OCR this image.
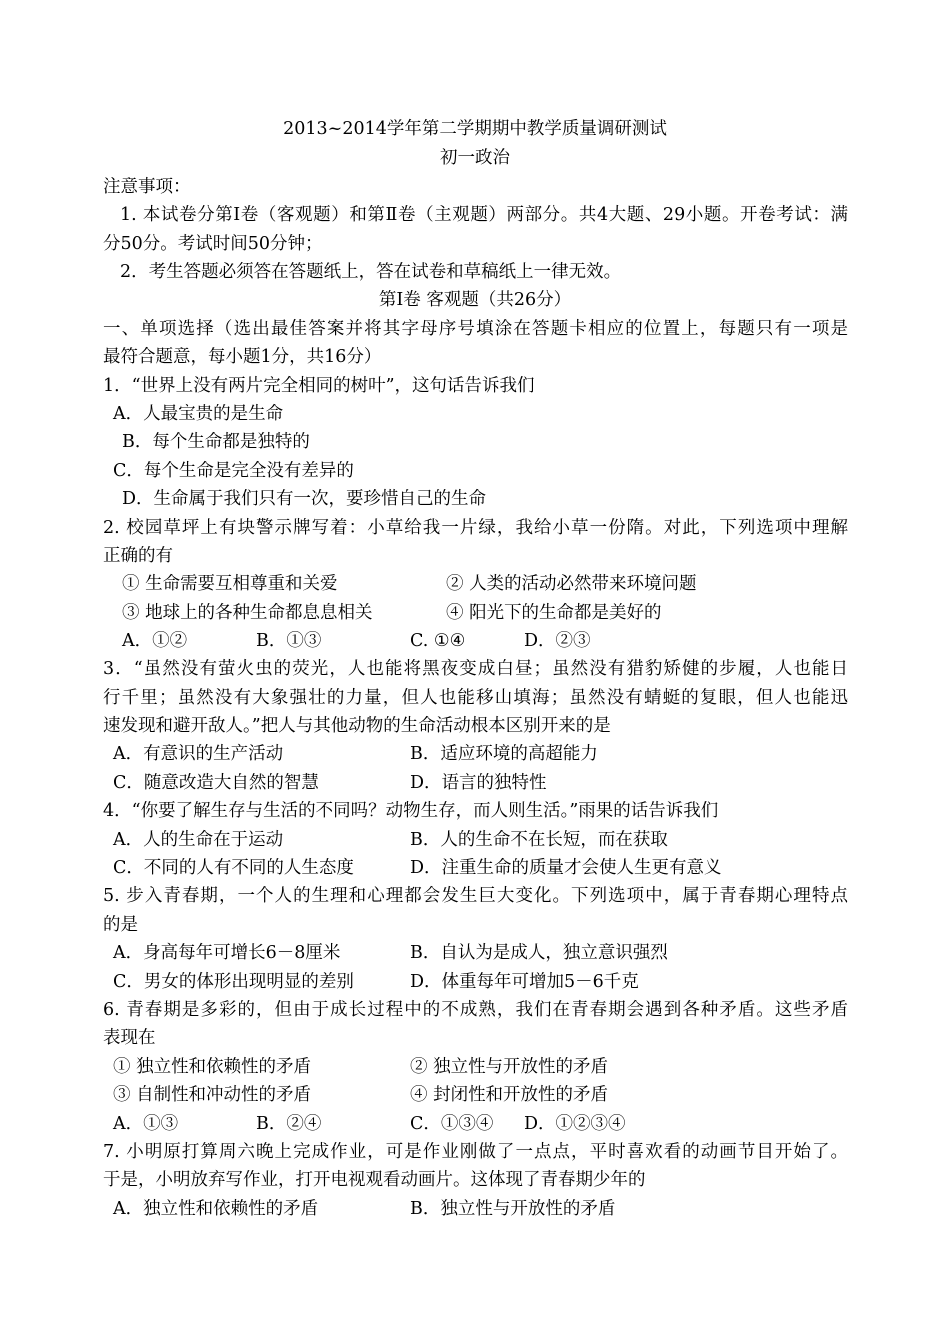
2013~2014学年第二学期期中教学质量调研测试
初一政治
注意事项：
1. 本试卷分第Ⅰ卷（客观题）和第Ⅱ卷（主观题）两部分。共4大题、29小题。开卷考试：满
分50分。考试时间50分钟；
2．考生答题必须答在答题纸上，答在试卷和草稿纸上一律无效。
第Ⅰ卷 客观题（共26分）
一、单项选择（选出最佳答案并将其字母序号填涂在答题卡相应的位置上，每题只有一项是
最符合题意，每小题1分，共16分）
1．“世界上没有两片完全相同的树叶”，这句话告诉我们
A．人最宝贵的是生命
B．每个生命都是独特的
C．每个生命是完全没有差异的
D．生命属于我们只有一次，要珍惜自己的生命
2. 校园草坪上有块警示牌写着：小草给我一片绿，我给小草一份隋。对此，下列选项中理解
正确的有
① 生命需要互相尊重和关爱	② 人类的活动必然带来环境问题
③ 地球上的各种生命都息息相关	④ 阳光下的生命都是美好的
A．①②	B．①③	C. ①④	D．②③
3．“虽然没有萤火虫的荧光，人也能将黑夜变成白昼；虽然没有猎豹矫健的步履，人也能日
行千里；虽然没有大象强壮的力量，但人也能移山填海；虽然没有蜻蜓的复眼，但人也能迅
速发现和避开敌人。”把人与其他动物的生命活动根本区别开来的是
A．有意识的生产活动	B．适应环境的高超能力
C．随意改造大自然的智慧	D．语言的独特性
4．“你要了解生存与生活的不同吗？动物生存，而人则生活。”雨果的话告诉我们
A．人的生命在于运动	B．人的生命不在长短，而在获取
C．不同的人有不同的人生态度	D．注重生命的质量才会使人生更有意义
5. 步入青春期，一个人的生理和心理都会发生巨大变化。下列选项中，属于青春期心理特点
的是
A．身高每年可增长6－8厘米	B．自认为是成人，独立意识强烈
C．男女的体形出现明显的差别	D．体重每年可增加5－6千克
6. 青春期是多彩的，但由于成长过程中的不成熟，我们在青春期会遇到各种矛盾。这些矛盾
表现在
① 独立性和依赖性的矛盾	② 独立性与开放性的矛盾
③ 自制性和冲动性的矛盾	④ 封闭性和开放性的矛盾
A．①③	B．②④	C．①③④ D．①②③④
7. 小明原打算周六晚上完成作业，可是作业刚做了一点点，平时喜欢看的动画节目开始了。
于是，小明放弃写作业，打开电视观看动画片。这体现了青春期少年的
A．独立性和依赖性的矛盾	B．独立性与开放性的矛盾
